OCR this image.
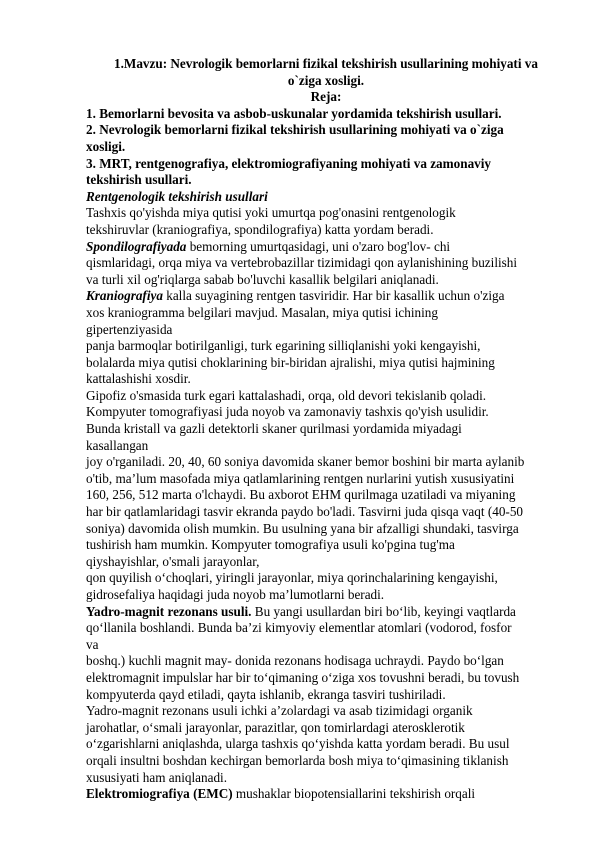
1.Mavzu: Nevrologik bemorlarni fizikal tekshirish usullarining mohiyati va

o`ziga xosligi.

Reja:

1. Bemorlarni bevosita va asbob-uskunalar yordamida tekshirish usullari.

2. Nevrologik bemorlarni fizikal tekshirish usullarining mohiyati va o`ziga

xosligi.

3. MRT, rentgenografiya, elektromiografiyaning mohiyati va zamonaviy

tekshirish usullari.

Rentgenologik tekshirish usullari

Tashxis qo'yishda miya qutisi yoki umurtqa pog'onasini rentgenologik

tekshiruvlar (kraniografiya, spondilografiya) katta yordam beradi.

Spondilografiyada bemorning umurtqasidagi, uni o'zaro bog'lov- chi

qismlaridagi, orqa miya va vertebrobazillar tizimidagi qon aylanishining buzilishi

va turli xil og'riqlarga sabab bo'luvchi kasallik belgilari aniqlanadi.

Kraniografiya kalla suyagining rentgen tasviridir. Har bir kasallik uchun o'ziga

xos kraniogramma belgilari mavjud. Masalan, miya qutisi ichining

gipertenziyasida

panja barmoqlar botirilganligi, turk egarining silliqlanishi yoki kengayishi,

bolalarda miya qutisi choklarining bir-biridan ajralishi, miya qutisi hajmining

kattalashishi xosdir.

Gipofiz o'smasida turk egari kattalashadi, orqa, old devori tekislanib qoladi.

Kompyuter tomografiyasi juda noyob va zamonaviy tashxis qo'yish usulidir.

Bunda kristall va gazli detektorli skaner qurilmasi yordamida miyadagi

kasallangan

joy o'rganiladi. 20, 40, 60 soniya davomida skaner bemor boshini bir marta aylanib

o'tib, ma’lum masofada miya qatlamlarining rentgen nurlarini yutish xususiyatini

160, 256, 512 marta o'lchaydi. Bu axborot EHM qurilmaga uzatiladi va miyaning

har bir qatlamlaridagi tasvir ekranda paydo bo'ladi. Tasvirni juda qisqa vaqt (40-50

soniya) davomida olish mumkin. Bu usulning yana bir afzalligi shundaki, tasvirga

tushirish ham mumkin. Kompyuter tomografiya usuli ko'pgina tug'ma

qiyshayishlar, o'smali jarayonlar,

qon quyilish o‘choqlari, yiringli jarayonlar, miya qorinchalarining kengayishi,

gidrosefaliya haqidagi juda noyob ma’lumotlarni beradi.

Yadro-magnit rezonans usuli. Bu yangi usullardan biri bo‘lib, keyingi vaqtlarda

qo‘llanila boshlandi. Bunda ba’zi kimyoviy elementlar atomlari (vodorod, fosfor

va

boshq.) kuchli magnit may- donida rezonans hodisaga uchraydi. Paydo bo‘lgan

elektromagnit impulslar har bir to‘qimaning o‘ziga xos tovushni beradi, bu tovush

kompyuterda qayd etiladi, qayta ishlanib, ekranga tasviri tushiriladi.

Yadro-magnit rezonans usuli ichki a’zolardagi va asab tizimidagi organik

jarohatlar, o‘smali jarayonlar, parazitlar, qon tomirlardagi aterosklerotik

o‘zgarishlarni aniqlashda, ularga tashxis qo‘yishda katta yordam beradi. Bu usul

orqali insultni boshdan kechirgan bemorlarda bosh miya to‘qimasining tiklanish

xususiyati ham aniqlanadi.

Elektromiografiya (EMC) mushaklar biopotensiallarini tekshirish orqali
